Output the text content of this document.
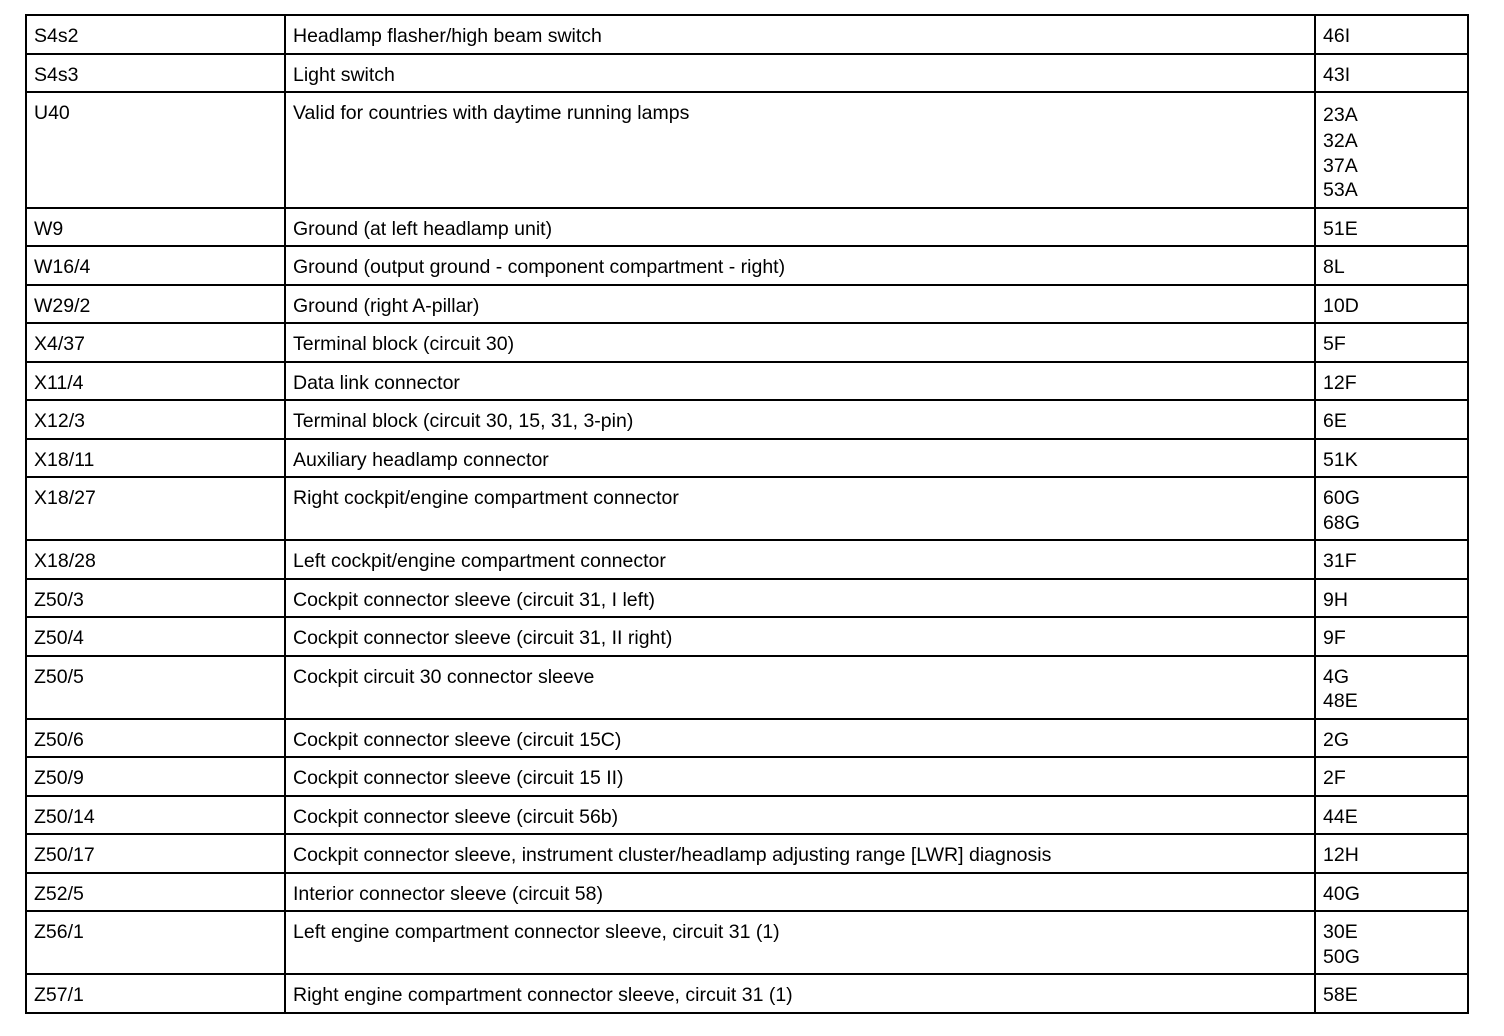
S4s2	Headlamp flasher/high beam switch	46I

S4s3	Light switch	43I

U40	Valid for countries with daytime running lamps	23A
32A
37A
53A

W9	Ground (at left headlamp unit)	51E

W16/4	Ground (output ground - component compartment - right)	8L

W29/2	Ground (right A-pillar)	10D

X4/37	Terminal block (circuit 30)	5F

X11/4	Data link connector	12F

X12/3	Terminal block (circuit 30, 15, 31, 3-pin)	6E

X18/11	Auxiliary headlamp connector	51K

X18/27	Right cockpit/engine compartment connector	60G
68G

X18/28	Left cockpit/engine compartment connector	31F

Z50/3	Cockpit connector sleeve (circuit 31, I left)	9H

Z50/4	Cockpit connector sleeve (circuit 31, II right)	9F

Z50/5	Cockpit circuit 30 connector sleeve	4G
48E

Z50/6	Cockpit connector sleeve (circuit 15C)	2G

Z50/9	Cockpit connector sleeve (circuit 15 II)	2F

Z50/14	Cockpit connector sleeve (circuit 56b)	44E

Z50/17	Cockpit connector sleeve, instrument cluster/headlamp adjusting range [LWR] diagnosis	12H

Z52/5	Interior connector sleeve (circuit 58)	40G

Z56/1	Left engine compartment connector sleeve, circuit 31 (1)	30E
50G

Z57/1	Right engine compartment connector sleeve, circuit 31 (1)	58E
